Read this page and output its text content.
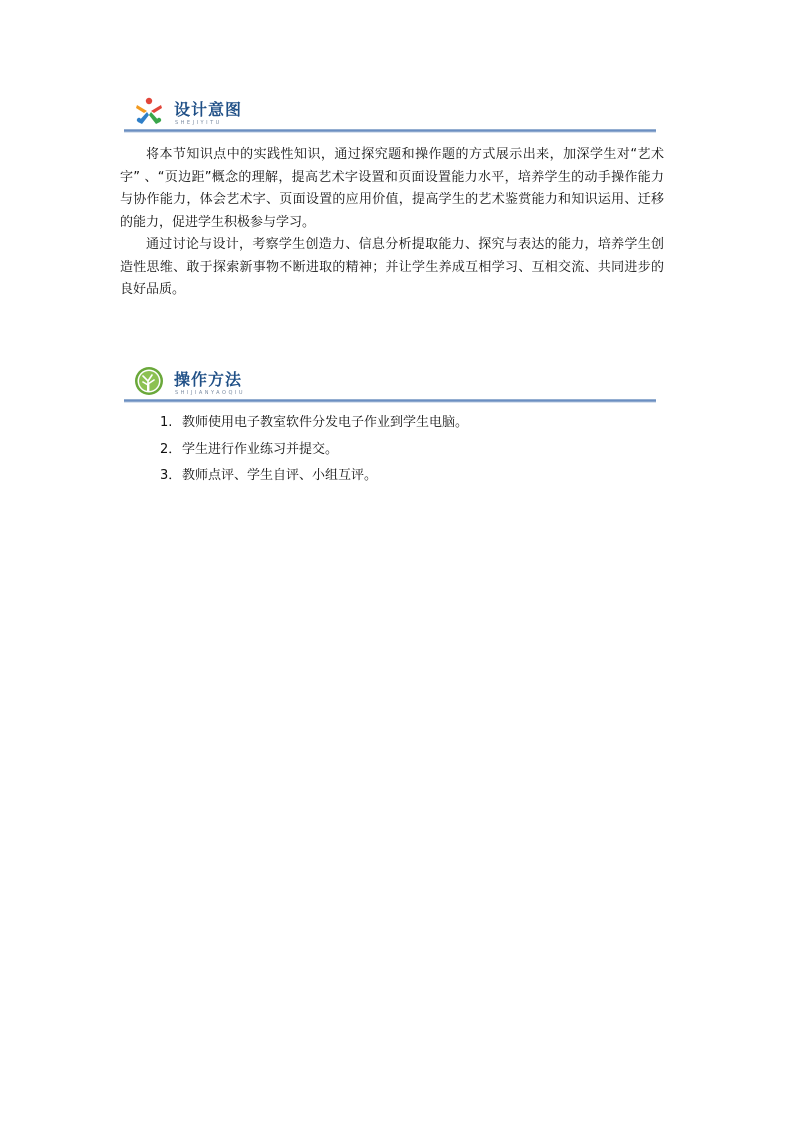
设计意图
SHEJIYITU

将本节知识点中的实践性知识，通过探究题和操作题的方式展示出来，加深学生对“艺术字” 、“页边距”概念的理解，提高艺术字设置和页面设置能力水平，培养学生的动手操作能力与协作能力，体会艺术字、页面设置的应用价值，提高学生的艺术鉴赏能力和知识运用、迁移的能力，促进学生积极参与学习。

通过讨论与设计，考察学生创造力、信息分析提取能力、探究与表达的能力，培养学生创造性思维、敢于探索新事物不断进取的精神；并让学生养成互相学习、互相交流、共同进步的良好品质。

操作方法
SHIJIANYAOQIU
1. 教师使用电子教室软件分发电子作业到学生电脑。
2．学生进行作业练习并提交。
3．教师点评、学生自评、小组互评。
